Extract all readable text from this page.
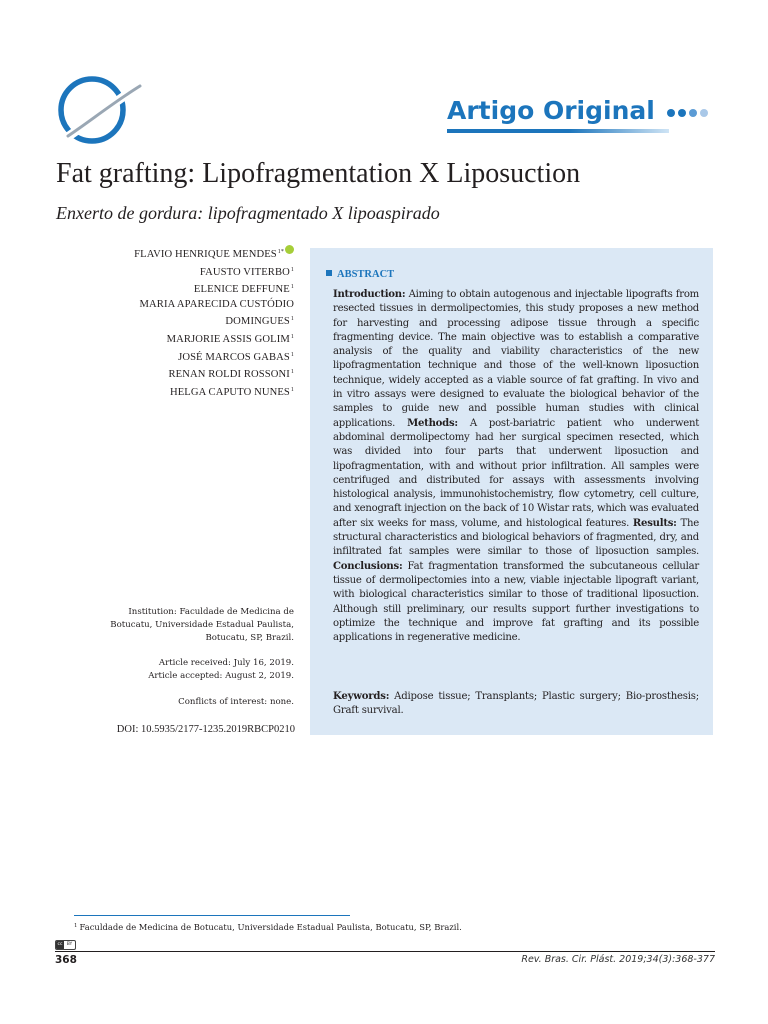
Artigo Original
Fat grafting: Lipofragmentation X Liposuction
Enxerto de gordura: lipofragmentado X lipoaspirado
FLAVIO HENRIQUE $MENDES^{1*}$
FAUSTO VITERBO$^1$
ELENICE DEFFUNE$^1$
MARIA APARECIDA CUSTÓDIO
DOMINGUES$^1$
MARJORIE ASSIS GOLIM$^1$
JOSÉ MARCOS GABAS$^1$
RENAN ROLDI ROSSONI$^1$
HELGA CAPUTO NUNES$^1$
Institution: Faculdade de Medicina de
Botucatu, Universidade Estadual Paulista,
Botucatu, SP, Brazil.
Article received: July 16, 2019.
Article accepted: August 2, 2019.
Conflicts of interest: none.
DOI: 10.5935/2177-1235.2019RBCP0210
ABSTRACT

Introduction: Aiming to obtain autogenous and injectable lipografts from resected tissues in dermolipectomies, this study proposes a new method for harvesting and processing adipose tissue through a specific fragmenting device. The main objective was to establish a comparative analysis of the quality and viability characteristics of the new lipofragmentation technique and those of the well-known liposuction technique, widely accepted as a viable source of fat grafting. In vivo and in vitro assays were designed to evaluate the biological behavior of the samples to guide new and possible human studies with clinical applications. Methods: A post-bariatric patient who underwent abdominal dermolipectomy had her surgical specimen resected, which was divided into four parts that underwent liposuction and lipofragmentation, with and without prior infiltration. All samples were centrifuged and distributed for assays with assessments involving histological analysis, immunohistochemistry, flow cytometry, cell culture, and xenograft injection on the back of 10 Wistar rats, which was evaluated after six weeks for mass, volume, and histological features. Results: The structural characteristics and biological behaviors of fragmented, dry, and infiltrated fat samples were similar to those of liposuction samples. Conclusions: Fat fragmentation transformed the subcutaneous cellular tissue of dermolipectomies into a new, viable injectable lipograft variant, with biological characteristics similar to those of traditional liposuction. Although still preliminary, our results support further investigations to optimize the technique and improve fat grafting and its possible applications in regenerative medicine.

Keywords: Adipose tissue; Transplants; Plastic surgery; Bio-prosthesis; Graft survival.

$^1$ Faculdade de Medicina de Botucatu, Universidade Estadual Paulista, Botucatu, SP, Brazil.
cc BY
368	Rev. Bras. Cir. Plást. 2019;34(3):368-377
